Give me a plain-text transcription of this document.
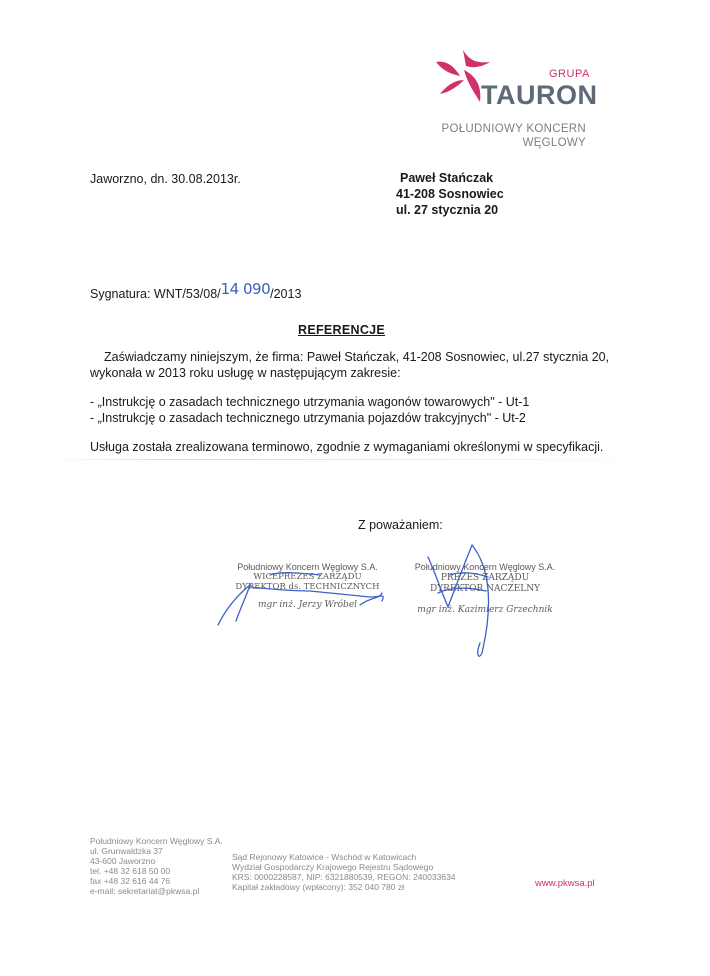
GRUPA
TAURON
POŁUDNIOWY KONCERN
WĘGLOWY
Jaworzno, dn. 30.08.2013r.	Paweł Stańczak
41-208 Sosnowiec
ul. 27 stycznia 20
Sygnatura: WNT/53/08/14 090/2013
REFERENCJE

Zaświadczamy niniejszym, że firma: Paweł Stańczak, 41-208 Sosnowiec, ul.27 stycznia 20, wykonała w 2013 roku usługę w następującym zakresie:

- „Instrukcję o zasadach technicznego utrzymania wagonów towarowych" - Ut-1

- „Instrukcję o zasadach technicznego utrzymania pojazdów trakcyjnych" - Ut-2

Usługa została zrealizowana terminowo, zgodnie z wymaganiami określonymi w specyfikacji.

Z poważaniem:
Południowy Koncern Węglowy S.A.
WICEPREZES ZARZĄDU
DYREKTOR ds. TECHNICZNYCH
mgr inż. Jerzy Wróbel
Południowy Koncern Węglowy S.A.
PREZES ZARZĄDU
DYREKTOR NACZELNY
mgr inż. Kazimierz Grzechnik
Południowy Koncern Węglowy S.A.
ul. Grunwaldzka 37
43-600 Jaworzno
tel. +48 32 618 50 00
fax +48 32 616 44 76
e-mail: sekretariat@pkwsa.pl
Sąd Rejonowy Katowice - Wschód w Katowicach
Wydział Gospodarczy Krajowego Rejestru Sądowego
KRS: 0000228587, NIP: 6321880539, REGON: 240033634
Kapitał zakładowy (wpłacony): 352 040 780 zł	www.pkwsa.pl
